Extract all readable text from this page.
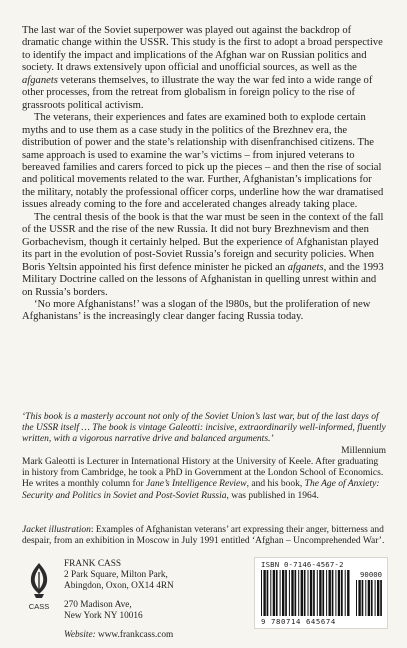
The last war of the Soviet superpower was played out against the backdrop of dramatic change within the USSR. This study is the first to adopt a broad perspective to identify the impact and implications of the Afghan war on Russian politics and society. It draws extensively upon official and unofficial sources, as well as the afganets veterans themselves, to illustrate the way the war fed into a wide range of other processes, from the retreat from globalism in foreign policy to the rise of grassroots political activism.

The veterans, their experiences and fates are examined both to explode certain myths and to use them as a case study in the politics of the Brezhnev era, the distribution of power and the state’s relationship with disenfranchised citizens. The same approach is used to examine the war’s victims – from injured veterans to bereaved families and carers forced to pick up the pieces – and then the rise of social and political movements related to the war. Further, Afghanistan’s implications for the military, notably the professional officer corps, underline how the war dramatised issues already coming to the fore and accelerated changes already taking place.

The central thesis of the book is that the war must be seen in the context of the fall of the USSR and the rise of the new Russia. It did not bury Brezhnevism and then Gorbachevism, though it certainly helped. But the experience of Afghanistan played its part in the evolution of post-Soviet Russia’s foreign and security policies. When Boris Yeltsin appointed his first defence minister he picked an afganets, and the 1993 Military Doctrine called on the lessons of Afghanistan in quelling unrest within and on Russia’s borders.

‘No more Afghanistans!’ was a slogan of the l980s, but the proliferation of new Afghanistans’ is the increasingly clear danger facing Russia today.

‘This book is a masterly account not only of the Soviet Union’s last war, but of the last days of the USSR itself … The book is vintage Galeotti: incisive, extraordinarily well-informed, fluently written, with a vigorous narrative drive and balanced arguments.’
Millennium
Mark Galeotti is Lecturer in International History at the University of Keele. After graduating in history from Cambridge, he took a PhD in Government at the London School of Economics. He writes a monthly column for Jane’s Intelligence Review, and his book, The Age of Anxiety: Security and Politics in Soviet and Post-Soviet Russia, was published in 1964.
Jacket illustration: Examples of Afghanistan veterans’ art expressing their anger, bitterness and despair, from an exhibition in Moscow in July 1991 entitled ‘Afghan – Uncomprehended War’.
CASS
FRANK CASS
2 Park Square, Milton Park,
Abingdon, Oxon, OX14 4RN
270 Madison Ave,
New York NY 10016
Website: www.frankcass.com
ISBN 0-7146-4567-2
90000
9 780714 645674
